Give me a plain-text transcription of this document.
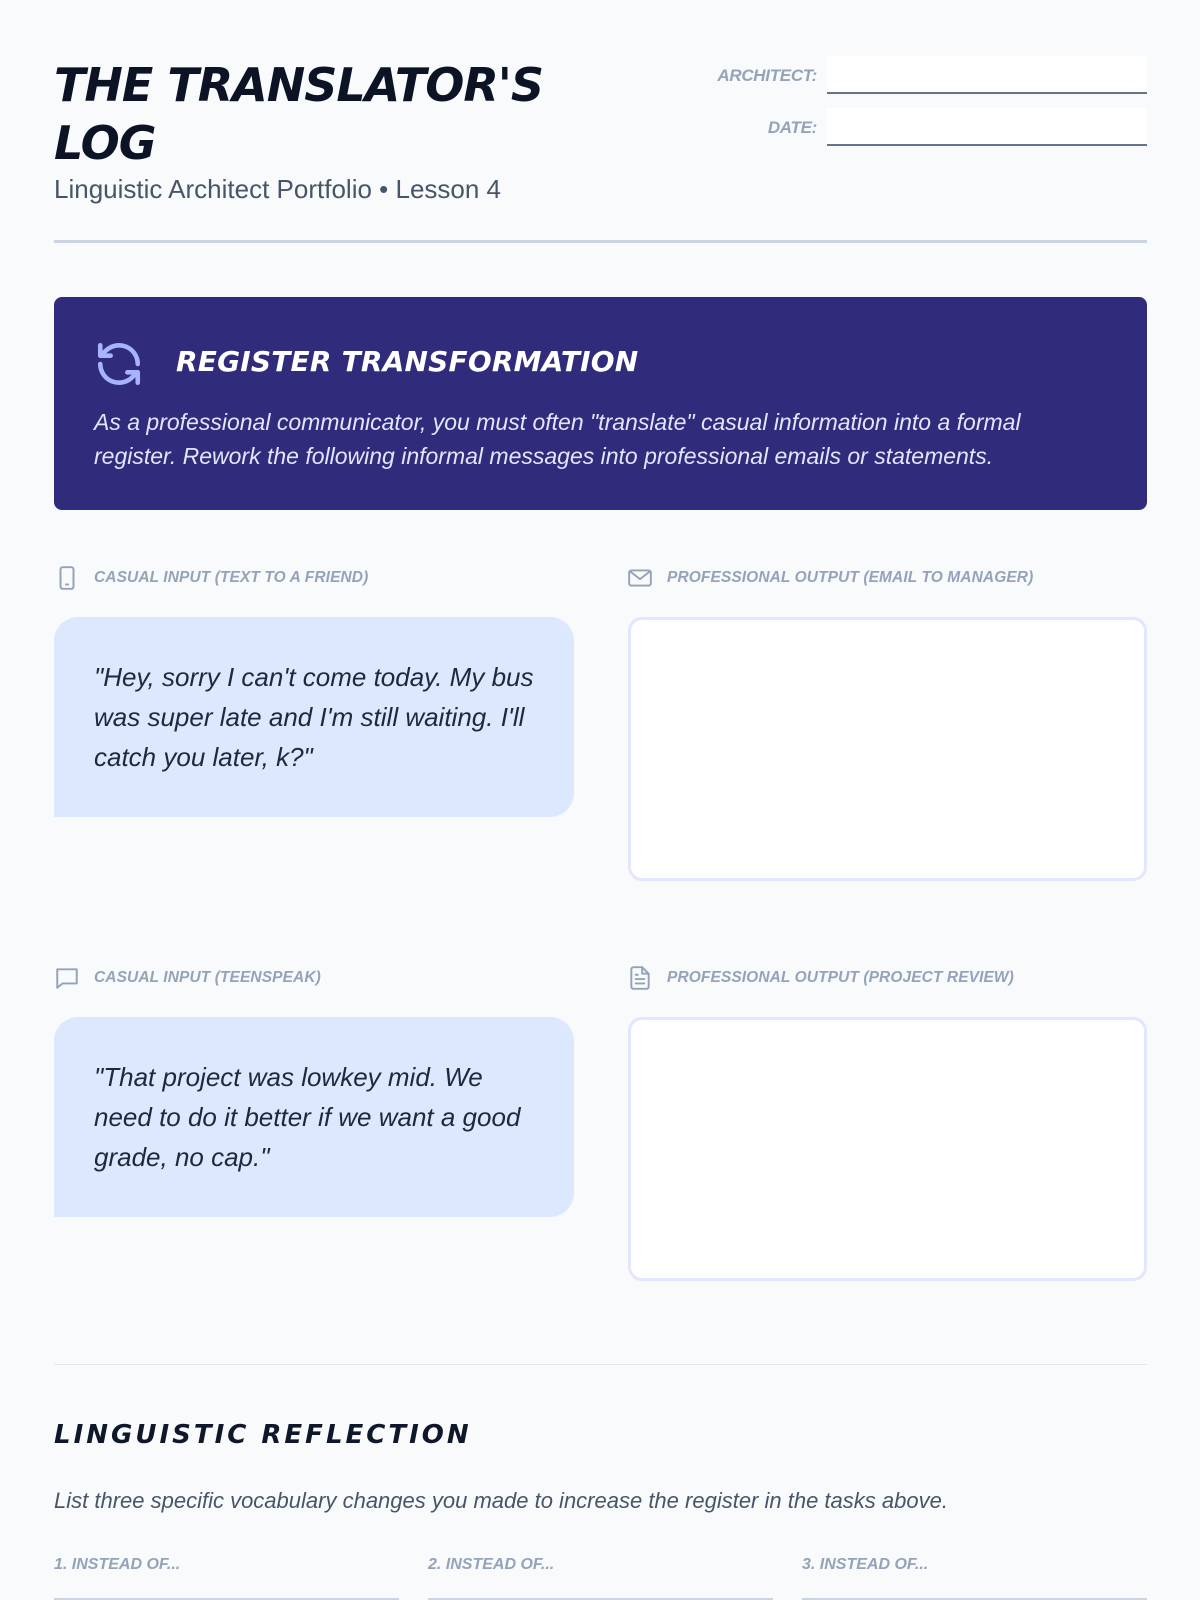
THE TRANSLATOR'S LOG
Linguistic Architect Portfolio • Lesson 4
ARCHITECT:
DATE:
REGISTER TRANSFORMATION
As a professional communicator, you must often "translate" casual information into a formal register. Rework the following informal messages into professional emails or statements.
CASUAL INPUT (TEXT TO A FRIEND)	PROFESSIONAL OUTPUT (EMAIL TO MANAGER)
"Hey, sorry I can't come today. My bus was super late and I'm still waiting. I'll catch you later, k?"
CASUAL INPUT (TEENSPEAK)	PROFESSIONAL OUTPUT (PROJECT REVIEW)
"That project was lowkey mid. We need to do it better if we want a good grade, no cap."
LINGUISTIC REFLECTION
List three specific vocabulary changes you made to increase the register in the tasks above.
1. INSTEAD OF...	2. INSTEAD OF...	3. INSTEAD OF...
